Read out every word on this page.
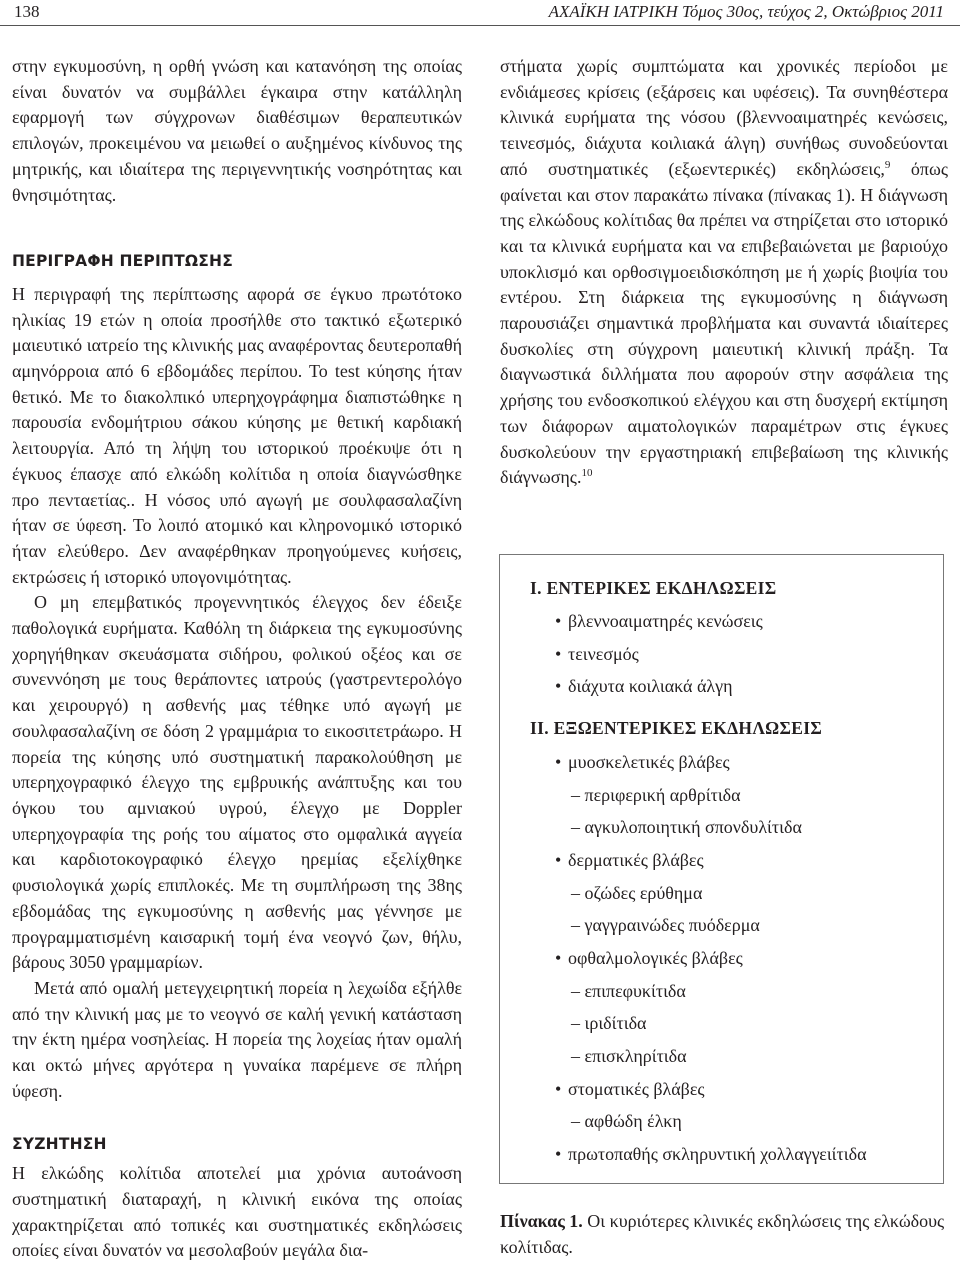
138	ΑΧΑΪΚΗ ΙΑΤΡΙΚΗ Τόμος 30ος, τεύχος 2, Οκτώβριος 2011

στην εγκυμοσύνη, η ορθή γνώση και κατανόηση της οποίας είναι δυνατόν να συμβάλλει έγκαιρα στην κατάλληλη εφαρμογή των σύγχρονων διαθέσιμων θεραπευτικών επιλογών, προκειμένου να μειωθεί ο αυξημένος κίνδυνος της μητρικής, και ιδιαίτερα της περιγεννητικής νοσηρότητας και θνησιμότητας.

ΠΕΡΙΓΡΑΦΗ ΠΕΡΙΠΤΩΣΗΣ

Η περιγραφή της περίπτωσης αφορά σε έγκυο πρωτότοκο ηλικίας 19 ετών η οποία προσήλθε στο τακτικό εξωτερικό μαιευτικό ιατρείο της κλινικής μας αναφέροντας δευτεροπαθή αμηνόρροια από 6 εβδομάδες περίπου. Το test κύησης ήταν θετικό. Με το διακολπικό υπερηχογράφημα διαπιστώθηκε η παρουσία ενδομήτριου σάκου κύησης με θετική καρδιακή λειτουργία. Από τη λήψη του ιστορικού προέκυψε ότι η έγκυος έπασχε από ελκώδη κολίτιδα η οποία διαγνώσθηκε προ πενταετίας.. Η νόσος υπό αγωγή με σουλφασαλαζίνη ήταν σε ύφεση. Το λοιπό ατομικό και κληρονομικό ιστορικό ήταν ελεύθερο. Δεν αναφέρθηκαν προηγούμενες κυήσεις, εκτρώσεις ή ιστορικό υπογονιμότητας.

Ο μη επεμβατικός προγεννητικός έλεγχος δεν έδειξε παθολογικά ευρήματα. Καθόλη τη διάρκεια της εγκυμοσύνης χορηγήθηκαν σκευάσματα σιδήρου, φολικού οξέος και σε συνεννόηση με τους θεράποντες ιατρούς (γαστρεντερολόγο και χειρουργό) η ασθενής μας τέθηκε υπό αγωγή με σουλφασαλαζίνη σε δόση 2 γραμμάρια το εικοσιτετράωρο. Η πορεία της κύησης υπό συστηματική παρακολούθηση με υπερηχογραφικό έλεγχο της εμβρυικής ανάπτυξης και του όγκου του αμνιακού υγρού, έλεγχο με Doppler υπερηχογραφία της ροής του αίματος στο ομφαλικά αγγεία και καρδιοτοκογραφικό έλεγχο ηρεμίας εξελίχθηκε φυσιολογικά χωρίς επιπλοκές. Με τη συμπλήρωση της 38ης εβδομάδας της εγκυμοσύνης η ασθενής μας γέννησε με προγραμματισμένη καισαρική τομή ένα νεογνό ζων, θήλυ, βάρους 3050 γραμμαρίων.

Μετά από ομαλή μετεγχειρητική πορεία η λεχωίδα εξήλθε από την κλινική μας με το νεογνό σε καλή γενική κατάσταση την έκτη ημέρα νοσηλείας. Η πορεία της λοχείας ήταν ομαλή και οκτώ μήνες αργότερα η γυναίκα παρέμενε σε πλήρη ύφεση.

ΣΥΖΗΤΗΣΗ

Η ελκώδης κολίτιδα αποτελεί μια χρόνια αυτοάνοση συστηματική διαταραχή, η κλινική εικόνα της οποίας χαρακτηρίζεται από τοπικές και συστηματικές εκδηλώσεις οποίες είναι δυνατόν να μεσολαβούν μεγάλα δια-

στήματα χωρίς συμπτώματα και χρονικές περίοδοι με ενδιάμεσες κρίσεις (εξάρσεις και υφέσεις). Τα συνηθέστερα κλινικά ευρήματα της νόσου (βλεννοαιματηρές κενώσεις, τεινεσμός, διάχυτα κοιλιακά άλγη) συνήθως συνοδεύονται από συστηματικές (εξωεντερικές) εκδηλώσεις,$^9$ όπως φαίνεται και στον παρακάτω πίνακα (πίνακας 1). Η διάγνωση της ελκώδους κολίτιδας θα πρέπει να στηρίζεται στο ιστορικό και τα κλινικά ευρήματα και να επιβεβαιώνεται με βαριούχο υποκλισμό και ορθοσιγμοειδισκόπηση με ή χωρίς βιοψία του εντέρου. Στη διάρκεια της εγκυμοσύνης η διάγνωση παρουσιάζει σημαντικά προβλήματα και συναντά ιδιαίτερες δυσκολίες στη σύγχρονη μαιευτική κλινική πράξη. Τα διαγνωστικά διλλήματα που αφορούν στην ασφάλεια της χρήσης του ενδοσκοπικού ελέγχου και στη δυσχερή εκτίμηση των διάφορων αιματολογικών παραμέτρων στις έγκυες δυσκολεύουν την εργαστηριακή επιβεβαίωση της κλινικής διάγνωσης.$^{10}$

I. ΕΝΤΕΡΙΚΕΣ ΕΚΔΗΛΩΣΕΙΣ
• βλεννοαιματηρές κενώσεις
• τεινεσμός
• διάχυτα κοιλιακά άλγη
II. ΕΞΩΕΝΤΕΡΙΚΕΣ ΕΚΔΗΛΩΣΕΙΣ
• μυοσκελετικές βλάβες
– περιφερική αρθρίτιδα
– αγκυλοποιητική σπονδυλίτιδα
• δερματικές βλάβες
– οζώδες ερύθημα
– γαγγραινώδες πυόδερμα
• οφθαλμολογικές βλάβες
– επιπεφυκίτιδα
– ιριδίτιδα
– επισκληρίτιδα
• στοματικές βλάβες
– αφθώδη έλκη
• πρωτοπαθής σκληρυντική χολλαγγειίτιδα
Πίνακας 1. Οι κυριότερες κλινικές εκδηλώσεις της ελκώδους κολίτιδας.
